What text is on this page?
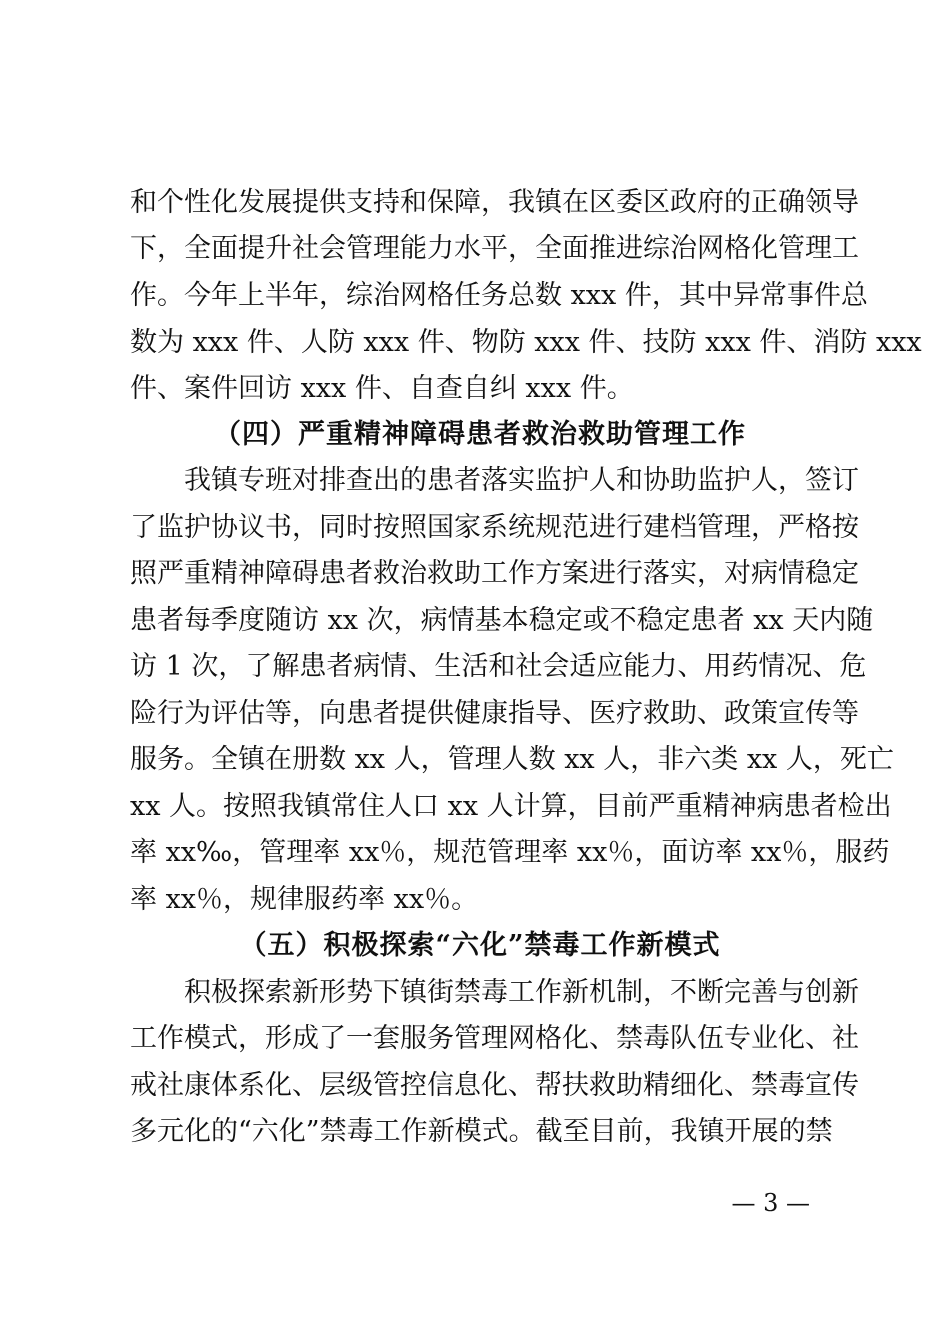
和个性化发展提供支持和保障，我镇在区委区政府的正确领导
下，全面提升社会管理能力水平，全面推进综治网格化管理工
作。今年上半年，综治网格任务总数 xxx 件，其中异常事件总
数为 xxx 件、人防 xxx 件、物防 xxx 件、技防 xxx 件、消防 xxx
件、案件回访 xxx 件、自查自纠 xxx 件。
（四）严重精神障碍患者救治救助管理工作
我镇专班对排查出的患者落实监护人和协助监护人，签订
了监护协议书，同时按照国家系统规范进行建档管理，严格按
照严重精神障碍患者救治救助工作方案进行落实，对病情稳定
患者每季度随访 xx 次，病情基本稳定或不稳定患者 xx 天内随
访 1 次，了解患者病情、生活和社会适应能力、用药情况、危
险行为评估等，向患者提供健康指导、医疗救助、政策宣传等
服务。全镇在册数 xx 人，管理人数 xx 人，非六类 xx 人，死亡
xx 人。按照我镇常住人口 xx 人计算，目前严重精神病患者检出
率 xx‰，管理率 xx％，规范管理率 xx％，面访率 xx％，服药
率 xx％，规律服药率 xx％。
（五）积极探索“六化”禁毒工作新模式
积极探索新形势下镇街禁毒工作新机制，不断完善与创新
工作模式，形成了一套服务管理网格化、禁毒队伍专业化、社
戒社康体系化、层级管控信息化、帮扶救助精细化、禁毒宣传
多元化的“六化”禁毒工作新模式。截至目前，我镇开展的禁
— 3 —
